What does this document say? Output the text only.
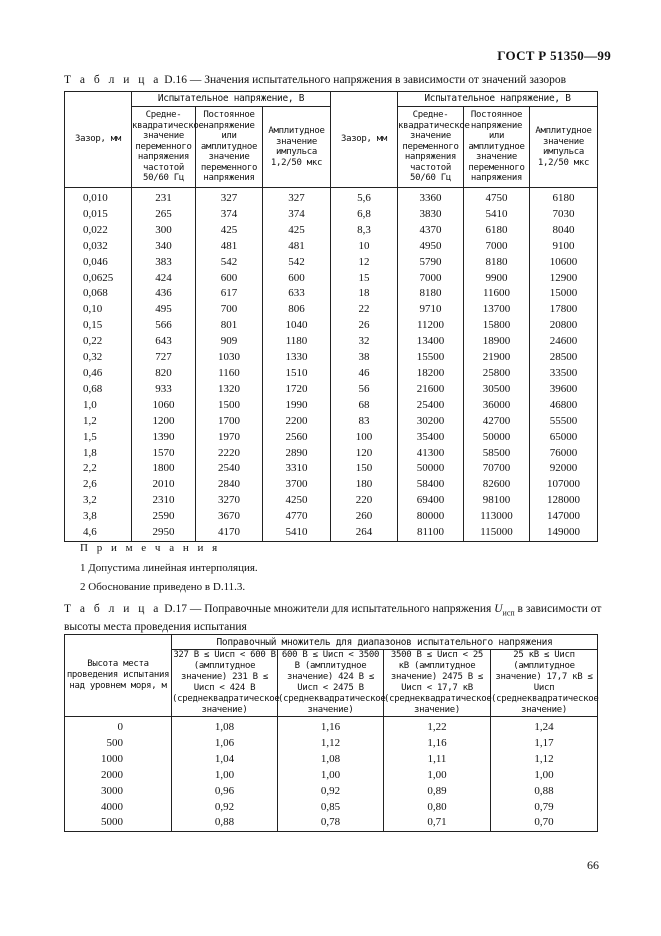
ГОСТ Р 51350—99
Т а б л и ц а D.16 — Значения испытательного напряжения в зависимости от значений зазоров
Зазор, мм	Испытательное напряжение, В			Зазор, мм	Испытательное напряжение, В		
	Средне-квадратическое значение переменного напряжения частотой 50/60 Гц	Постоянное напряжение или амплитудное значение переменного напряжения	Амплитудное значение импульса 1,2/50 мкс		Средне-квадратическое значение переменного напряжения частотой 50/60 Гц	Постоянное напряжение или амплитудное значение переменного напряжения	Амплитудное значение импульса 1,2/50 мкс
0,010	231	327	327	5,6	3360	4750	6180
0,015	265	374	374	6,8	3830	5410	7030
0,022	300	425	425	8,3	4370	6180	8040
0,032	340	481	481	10	4950	7000	9100
0,046	383	542	542	12	5790	8180	10600
0,0625	424	600	600	15	7000	9900	12900
0,068	436	617	633	18	8180	11600	15000
0,10	495	700	806	22	9710	13700	17800
0,15	566	801	1040	26	11200	15800	20800
0,22	643	909	1180	32	13400	18900	24600
0,32	727	1030	1330	38	15500	21900	28500
0,46	820	1160	1510	46	18200	25800	33500
0,68	933	1320	1720	56	21600	30500	39600
1,0	1060	1500	1990	68	25400	36000	46800
1,2	1200	1700	2200	83	30200	42700	55500
1,5	1390	1970	2560	100	35400	50000	65000
1,8	1570	2220	2890	120	41300	58500	76000
2,2	1800	2540	3310	150	50000	70700	92000
2,6	2010	2840	3700	180	58400	82600	107000
3,2	2310	3270	4250	220	69400	98100	128000
3,8	2590	3670	4770	260	80000	113000	147000
4,6	2950	4170	5410	264	81100	115000	149000
П р и м е ч а н и я
1 Допустима линейная интерполяция.
2 Обоснование приведено в D.11.3.
Т а б л и ц а D.17 — Поправочные множители для испытательного напряжения $U_{исп}$ в зависимости от
высоты места проведения испытания
Высота места проведения испытания над уровнем моря, м	Поправочный множитель для диапазонов испытательного напряжения			
	327 В ≤ Uисп < 600 В (амплитудное значение) 231 В ≤ Uисп < 424 В (среднеквадратическое значение)	600 В ≤ Uисп < 3500 В (амплитудное значение) 424 В ≤ Uисп < 2475 В (среднеквадратическое значение)	3500 В ≤ Uисп < 25 кВ (амплитудное значение) 2475 В ≤ Uисп < 17,7 кВ (среднеквадратическое значение)	25 кВ ≤ Uисп (амплитудное значение) 17,7 кВ ≤ Uисп (среднеквадратическое значение)
0	1,08	1,16	1,22	1,24
500	1,06	1,12	1,16	1,17
1000	1,04	1,08	1,11	1,12
2000	1,00	1,00	1,00	1,00
3000	0,96	0,92	0,89	0,88
4000	0,92	0,85	0,80	0,79
5000	0,88	0,78	0,71	0,70
66
